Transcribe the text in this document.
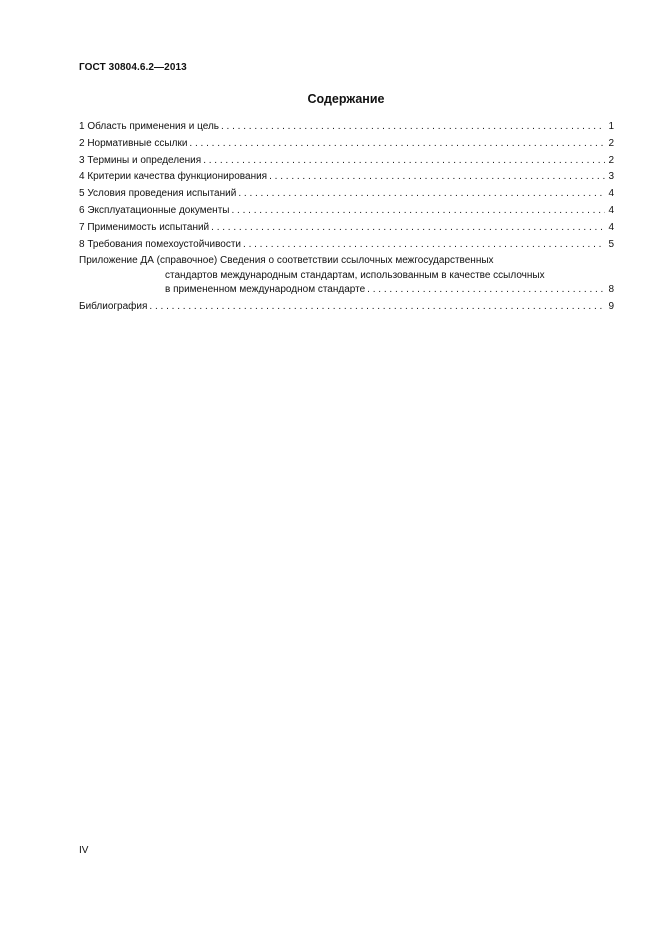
ГОСТ 30804.6.2—2013
Содержание
1 Область применения и цель . . .	1
2 Нормативные ссылки . . .	2
3 Термины и определения . . .	2
4 Критерии качества функционирования . . .	3
5 Условия проведения испытаний . . .	4
6 Эксплуатационные документы . . .	4
7 Применимость испытаний . . .	4
8 Требования помехоустойчивости . . .	5
Приложение ДА (справочное) Сведения о соответствии ссылочных межгосударственных
стандартов международным стандартам, использованным в качестве ссылочных
в примененном международном стандарте . . .	8
Библиография . . .	9
IV
